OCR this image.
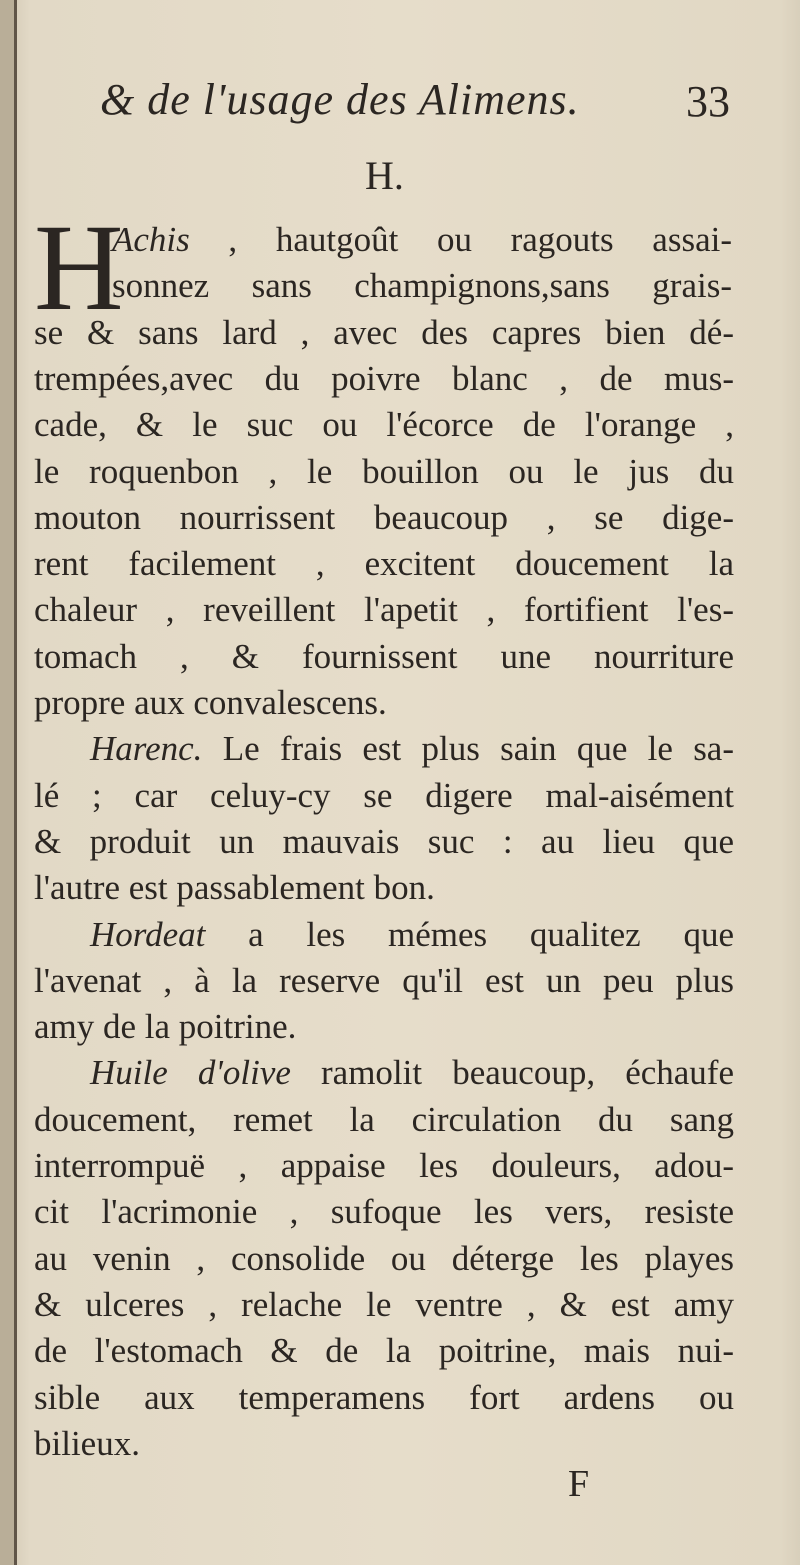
& de l'usage des Alimens. 33
H.
H
Achis , hautgoût ou ragouts assai-
sonnez sans champignons,sans grais-
se & sans lard , avec des capres bien dé-
trempées,avec du poivre blanc , de mus-
cade, & le suc ou l'écorce de l'orange ,
le roquenbon , le bouillon ou le jus du
mouton nourrissent beaucoup , se dige-
rent facilement , excitent doucement la
chaleur , reveillent l'apetit , fortifient l'es-
tomach , & fournissent une nourriture
propre aux convalescens.
Harenc. Le frais est plus sain que le sa-
lé ; car celuy-cy se digere mal-aisément
& produit un mauvais suc : au lieu que
l'autre est passablement bon.
Hordeat a les mémes qualitez que
l'avenat , à la reserve qu'il est un peu plus
amy de la poitrine.
Huile d'olive ramolit beaucoup, échaufe
doucement, remet la circulation du sang
interrompuë , appaise les douleurs, adou-
cit l'acrimonie , sufoque les vers, resiste
au venin , consolide ou déterge les playes
& ulceres , relache le ventre , & est amy
de l'estomach & de la poitrine, mais nui-
sible aux temperamens fort ardens ou
bilieux.
F
